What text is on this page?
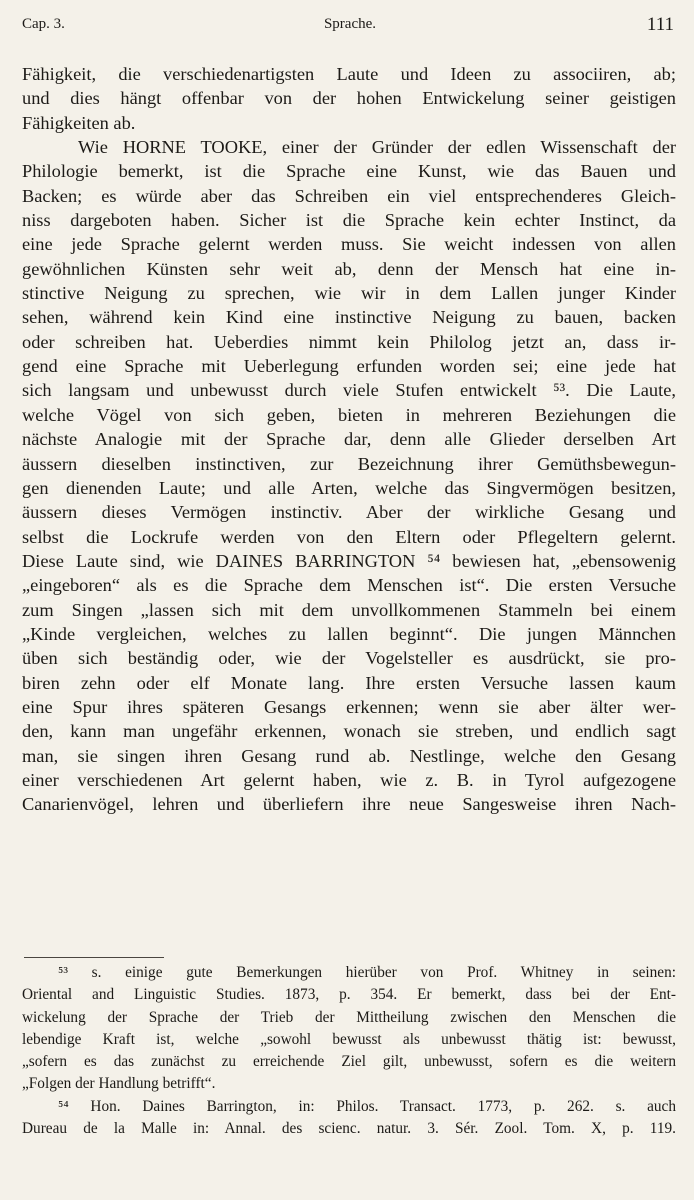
Cap. 3.	Sprache.	111
Fähigkeit, die verschiedenartigsten Laute und Ideen zu associiren, ab;
und dies hängt offenbar von der hohen Entwickelung seiner geistigen
Fähigkeiten ab.
Wie HORNE TOOKE, einer der Gründer der edlen Wissenschaft der
Philologie bemerkt, ist die Sprache eine Kunst, wie das Bauen und
Backen; es würde aber das Schreiben ein viel entsprechenderes Gleich-
niss dargeboten haben. Sicher ist die Sprache kein echter Instinct, da
eine jede Sprache gelernt werden muss. Sie weicht indessen von allen
gewöhnlichen Künsten sehr weit ab, denn der Mensch hat eine in-
stinctive Neigung zu sprechen, wie wir in dem Lallen junger Kinder
sehen, während kein Kind eine instinctive Neigung zu bauen, backen
oder schreiben hat. Ueberdies nimmt kein Philolog jetzt an, dass ir-
gend eine Sprache mit Ueberlegung erfunden worden sei; eine jede hat
sich langsam und unbewusst durch viele Stufen entwickelt ⁵³. Die Laute,
welche Vögel von sich geben, bieten in mehreren Beziehungen die
nächste Analogie mit der Sprache dar, denn alle Glieder derselben Art
äussern dieselben instinctiven, zur Bezeichnung ihrer Gemüthsbewegun-
gen dienenden Laute; und alle Arten, welche das Singvermögen besitzen,
äussern dieses Vermögen instinctiv. Aber der wirkliche Gesang und
selbst die Lockrufe werden von den Eltern oder Pflegeltern gelernt.
Diese Laute sind, wie DAINES BARRINGTON ⁵⁴ bewiesen hat, „ebensowenig
„eingeboren“ als es die Sprache dem Menschen ist“. Die ersten Versuche
zum Singen „lassen sich mit dem unvollkommenen Stammeln bei einem
„Kinde vergleichen, welches zu lallen beginnt“. Die jungen Männchen
üben sich beständig oder, wie der Vogelsteller es ausdrückt, sie pro-
biren zehn oder elf Monate lang. Ihre ersten Versuche lassen kaum
eine Spur ihres späteren Gesangs erkennen; wenn sie aber älter wer-
den, kann man ungefähr erkennen, wonach sie streben, und endlich sagt
man, sie singen ihren Gesang rund ab. Nestlinge, welche den Gesang
einer verschiedenen Art gelernt haben, wie z. B. in Tyrol aufgezogene
Canarienvögel, lehren und überliefern ihre neue Sangesweise ihren Nach-
⁵³ s. einige gute Bemerkungen hierüber von Prof. Whitney in seinen:
Oriental and Linguistic Studies. 1873, p. 354. Er bemerkt, dass bei der Ent-
wickelung der Sprache der Trieb der Mittheilung zwischen den Menschen die
lebendige Kraft ist, welche „sowohl bewusst als unbewusst thätig ist: bewusst,
„sofern es das zunächst zu erreichende Ziel gilt, unbewusst, sofern es die weitern
„Folgen der Handlung betrifft“.
⁵⁴ Hon. Daines Barrington, in: Philos. Transact. 1773, p. 262. s. auch
Dureau de la Malle in: Annal. des scienc. natur. 3. Sér. Zool. Tom. X, p. 119.
